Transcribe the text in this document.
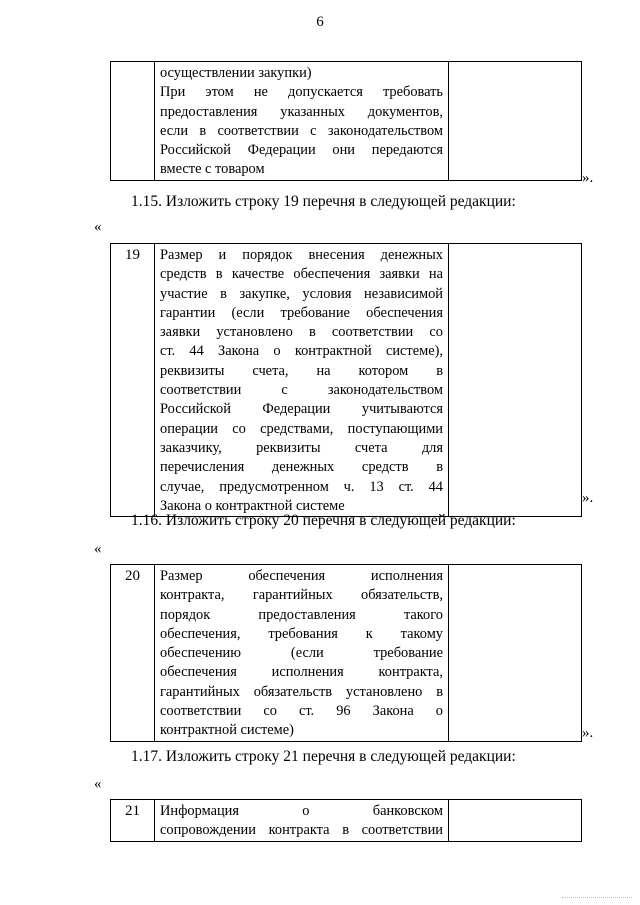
6

осуществлении закупки)
При этом не допускается требовать
предоставления указанных документов,
если в соответствии с законодательством
Российской Федерации они передаются
вместе с товаром

».
1.15. Изложить строку 19 перечня в следующей редакции:
«
19	Размер и порядок внесения денежных
средств в качестве обеспечения заявки на
участие в закупке, условия независимой
гарантии (если требование обеспечения
заявки установлено в соответствии со
ст. 44 Закона о контрактной системе),
реквизиты счета, на котором в
соответствии с законодательством
Российской Федерации учитываются
операции со средствами, поступающими
заказчику, реквизиты счета для
перечисления денежных средств в
случае, предусмотренном ч. 13 ст. 44
Закона о контрактной системе
		».
1.16. Изложить строку 20 перечня в следующей редакции:
«
20	Размер обеспечения исполнения
контракта, гарантийных обязательств,
порядок предоставления такого
обеспечения, требования к такому
обеспечению (если требование
обеспечения исполнения контракта,
гарантийных обязательств установлено в
соответствии со ст. 96 Закона о
контрактной системе)
		».
1.17. Изложить строку 21 перечня в следующей редакции:
«
21	Информация о банковском
сопровождении контракта в соответствии
